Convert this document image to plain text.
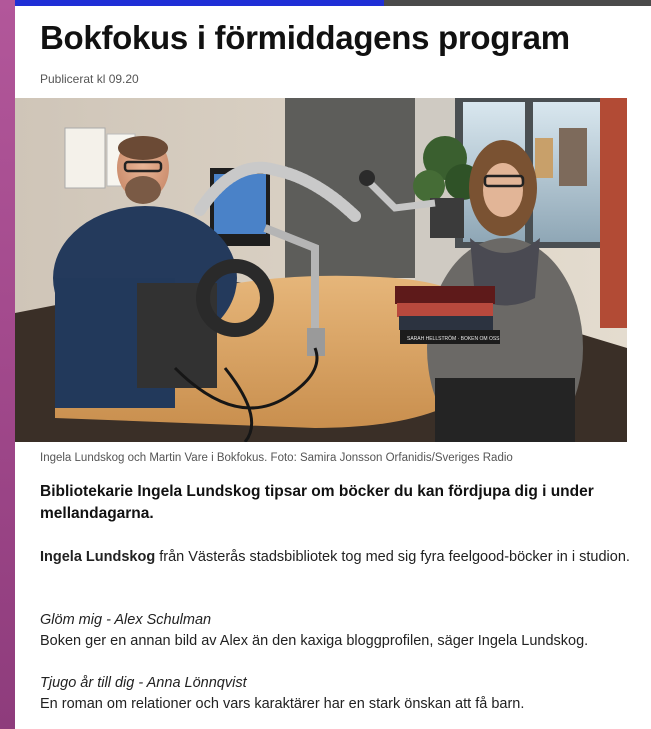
Bokfokus i förmiddagens program
Publicerat kl 09.20
SARAH HELLSTRÖM · BOKEN OM OSS
Ingela Lundskog och Martin Vare i Bokfokus. Foto: Samira Jonsson Orfanidis/Sveriges Radio

Bibliotekarie Ingela Lundskog tipsar om böcker du kan fördjupa dig i under mellandagarna.

Ingela Lundskog från Västerås stadsbibliotek tog med sig fyra feelgood-böcker in i studion.

Glöm mig - Alex Schulman
Boken ger en annan bild av Alex än den kaxiga bloggprofilen, säger Ingela Lundskog.

Tjugo år till dig - Anna Lönnqvist
En roman om relationer och vars karaktärer har en stark önskan att få barn.
